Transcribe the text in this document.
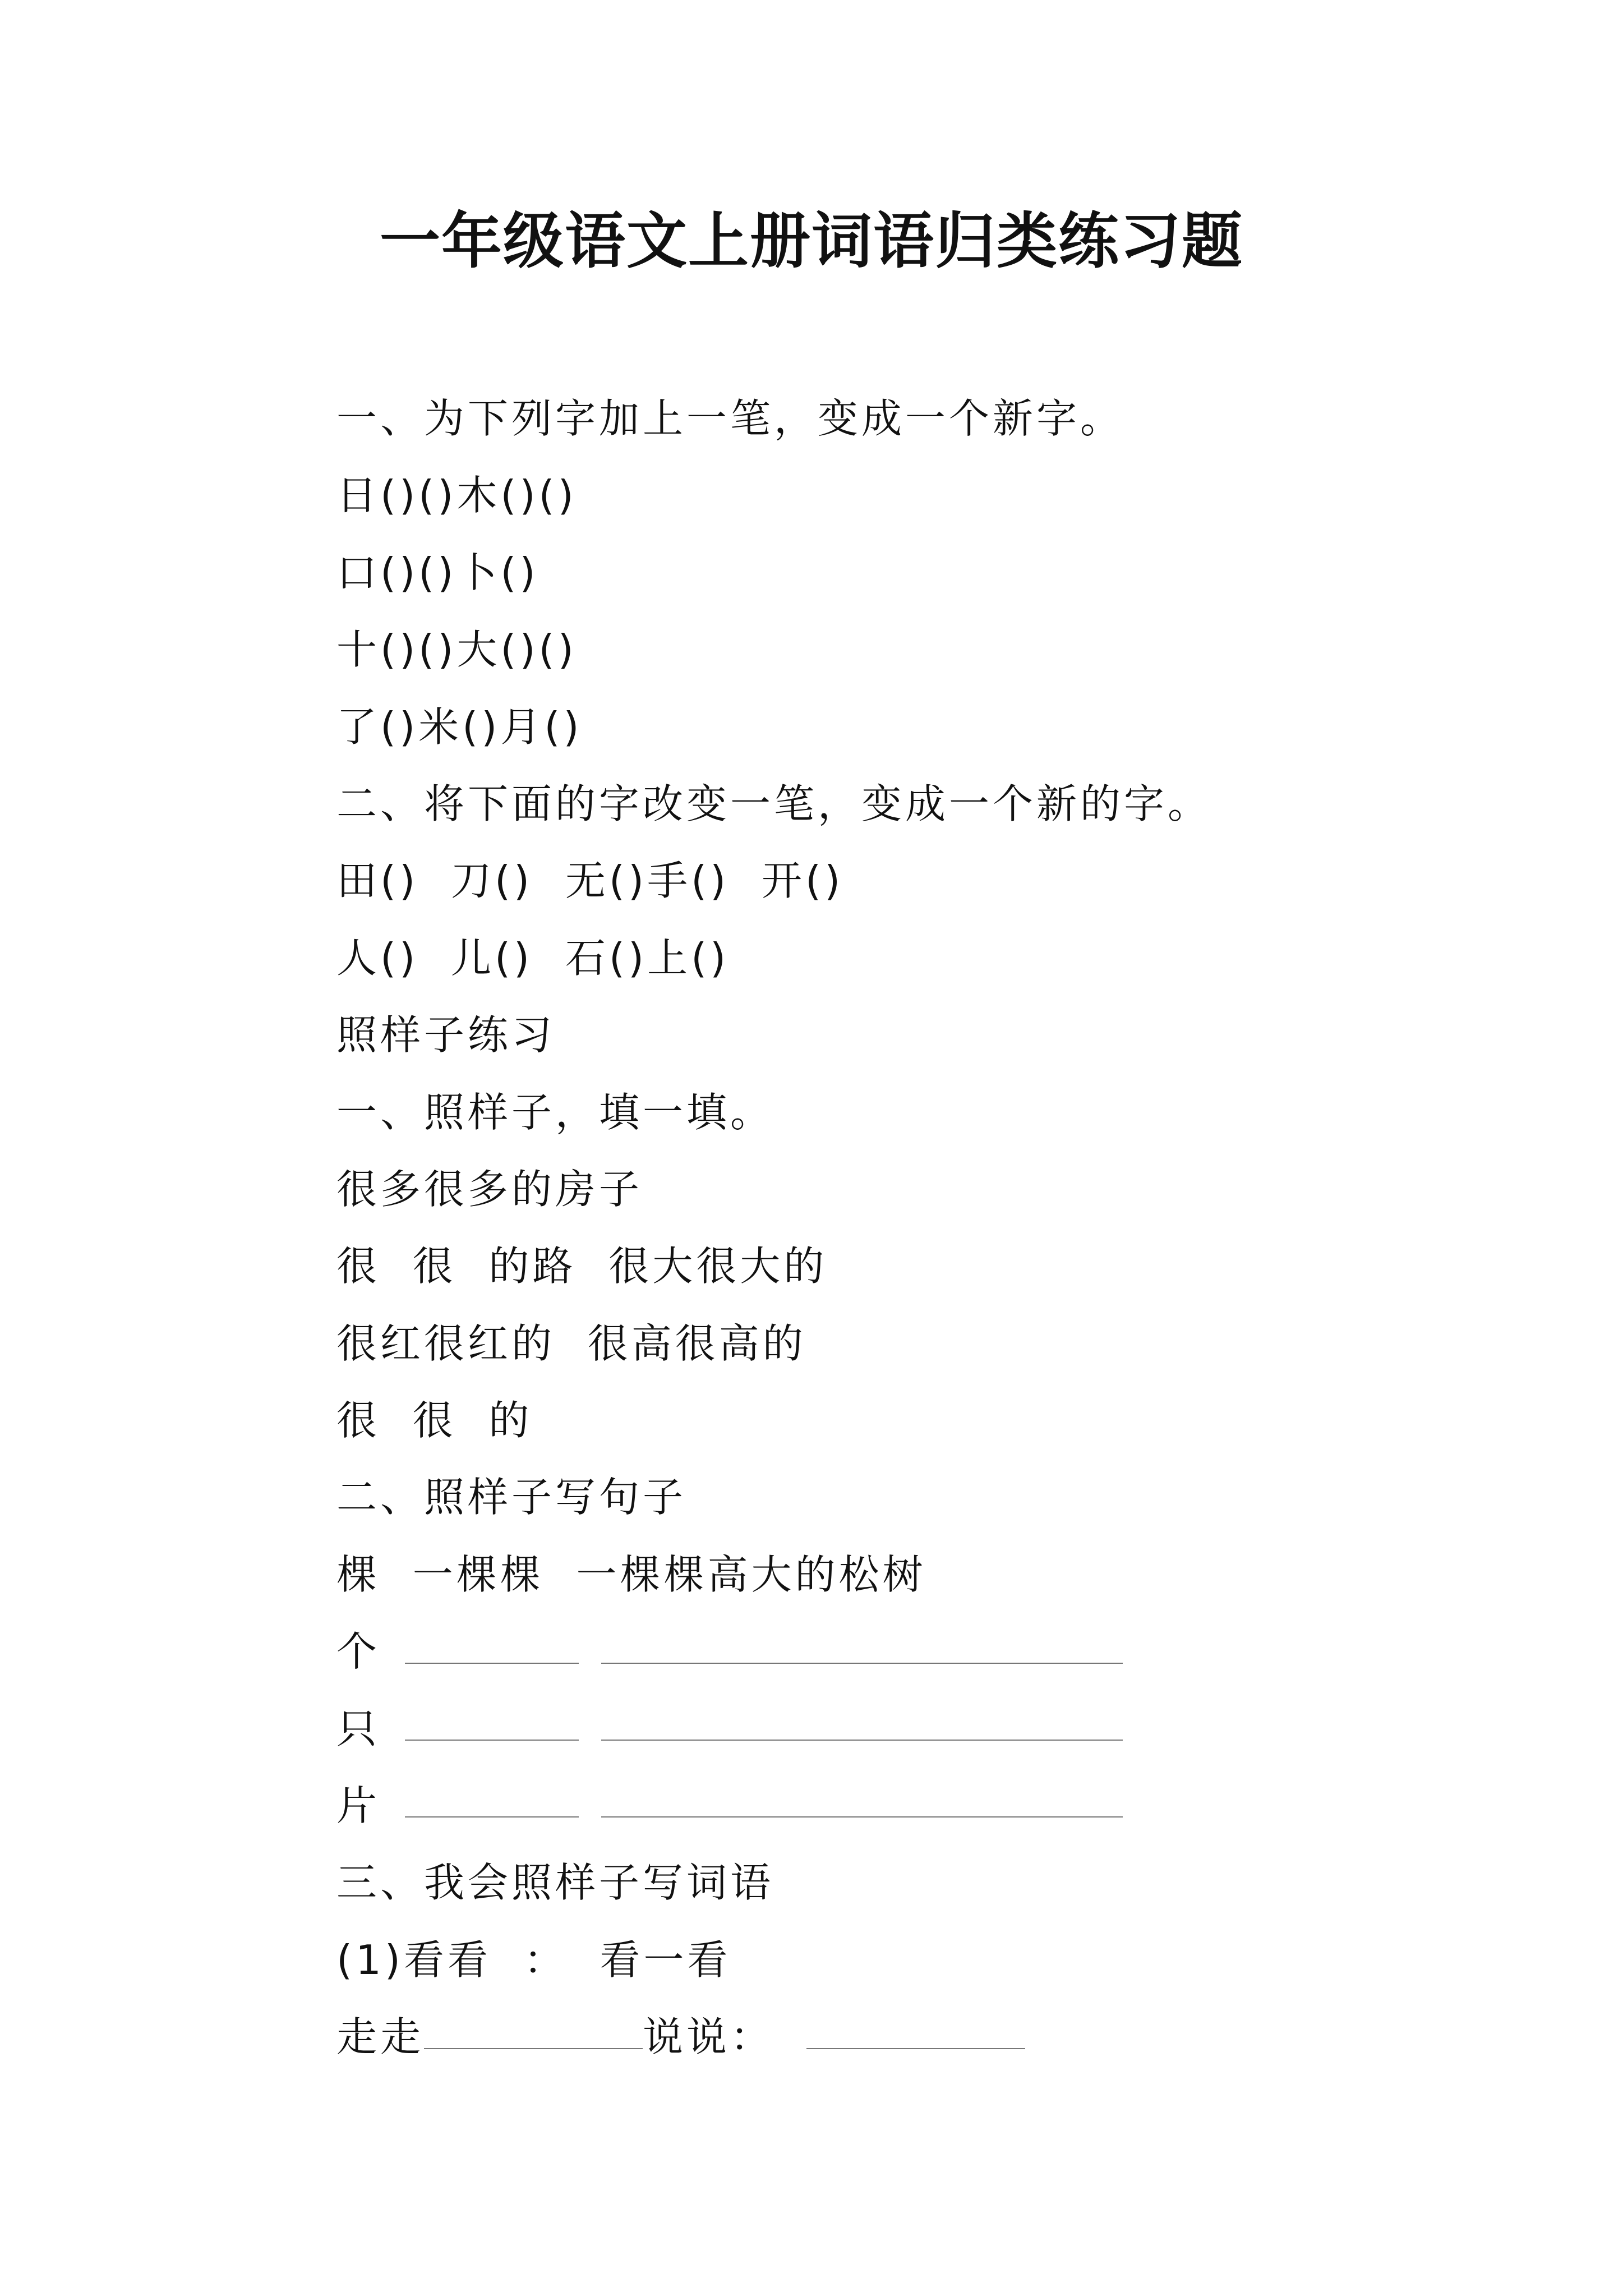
一年级语文上册词语归类练习题
一、为下列字加上一笔，变成一个新字。
日()()木()()
口()()卜()
十()()大()()
了()米()月()
二、将下面的字改变一笔，变成一个新的字。
田()  刀()  无()手()  开()
人()  儿()  石()上()
照样子练习
一、照样子，填一填。
很多很多的房子
很  很  的路  很大很大的
很红很红的  很高很高的
很  很  的
二、照样子写句子
棵  一棵棵  一棵棵高大的松树
个
只
片
三、我会照样子写词语
(1)看看  ：  看一看
走走	说说：
